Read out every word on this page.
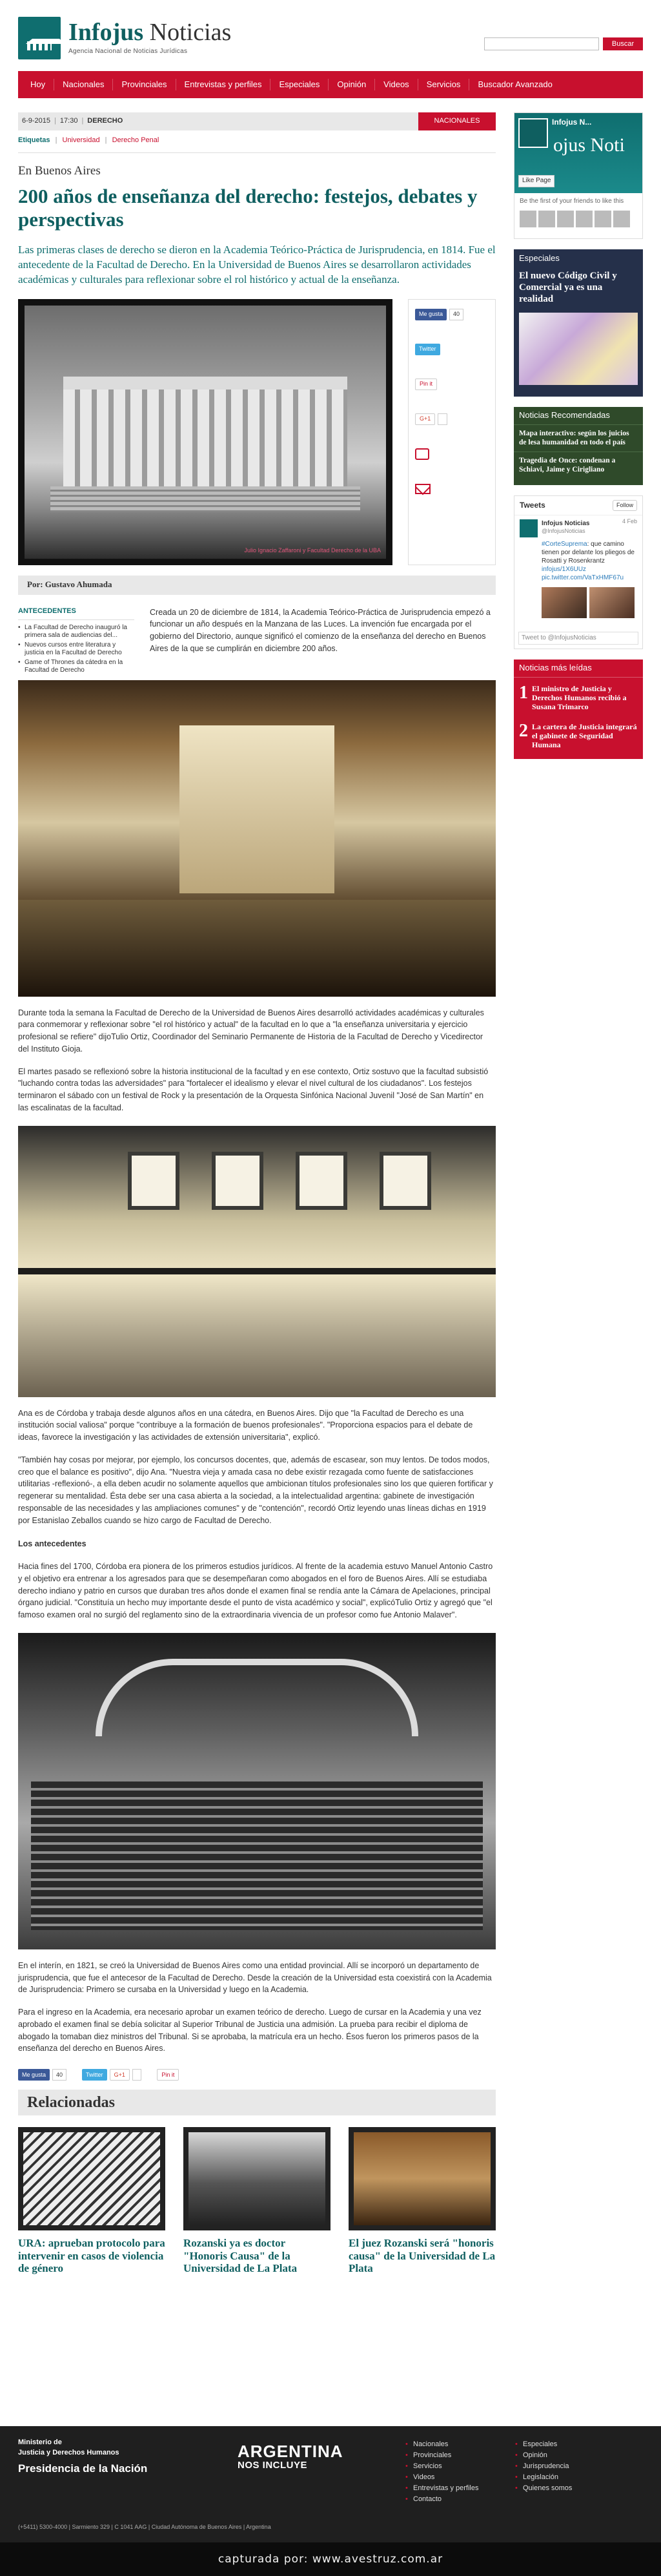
Infojus Noticias
Agencia Nacional de Noticias Jurídicas
Buscar
Hoy	Nacionales	Provinciales	Entrevistas y perfiles	Especiales	Opinión	Videos	Servicios	Buscador Avanzado
6-9-2015 | 17:30 | DERECHO	NACIONALES
Etiquetas | Universidad | Derecho Penal
En Buenos Aires
200 años de enseñanza del derecho: festejos, debates y perspectivas

Las primeras clases de derecho se dieron en la Academia Teórico-Práctica de Jurisprudencia, en 1814. Fue el antecedente de la Facultad de Derecho. En la Universidad de Buenos Aires se desarrollaron actividades académicas y culturales para reflexionar sobre el rol histórico y actual de la enseñanza.

Julio Ignacio Zaffaroni y Facultad Derecho de la UBA
Me gusta	40
Twitter
Pin it
G+1

Por: Gustavo Ahumada
ANTECEDENTES
• La Facultad de Derecho inauguró la primera sala de audiencias del...
• Nuevos cursos entre literatura y justicia en la Facultad de Derecho
• Game of Thrones da cátedra en la Facultad de Derecho

Creada un 20 de diciembre de 1814, la Academia Teórico-Práctica de Jurisprudencia empezó a funcionar un año después en la Manzana de las Luces. La invención fue encargada por el gobierno del Directorio, aunque significó el comienzo de la enseñanza del derecho en Buenos Aires de la que se cumplirán en diciembre 200 años.

Durante toda la semana la Facultad de Derecho de la Universidad de Buenos Aires desarrolló actividades académicas y culturales para conmemorar y reflexionar sobre "el rol histórico y actual" de la facultad en lo que a "la enseñanza universitaria y ejercicio profesional se refiere" dijoTulio Ortiz, Coordinador del Seminario Permanente de Historia de la Facultad de Derecho y Vicedirector del Instituto Gioja.

El martes pasado se reflexionó sobre la historia institucional de la facultad y en ese contexto, Ortiz sostuvo que la facultad subsistió "luchando contra todas las adversidades" para "fortalecer el idealismo y elevar el nivel cultural de los ciudadanos". Los festejos terminaron el sábado con un festival de Rock y la presentación de la Orquesta Sinfónica Nacional Juvenil "José de San Martín" en las escalinatas de la facultad.

Ana es de Córdoba y trabaja desde algunos años en una cátedra, en Buenos Aires. Dijo que "la Facultad de Derecho es una institución social valiosa" porque "contribuye a la formación de buenos profesionales". "Proporciona espacios para el debate de ideas, favorece la investigación y las actividades de extensión universitaria", explicó.

"También hay cosas por mejorar, por ejemplo, los concursos docentes, que, además de escasear, son muy lentos. De todos modos, creo que el balance es positivo", dijo Ana. "Nuestra vieja y amada casa no debe existir rezagada como fuente de satisfacciones utilitarias -reflexionó-, a ella deben acudir no solamente aquellos que ambicionan títulos profesionales sino los que quieren fortificar y regenerar su mentalidad. Ésta debe ser una casa abierta a la sociedad, a la intelectualidad argentina: gabinete de investigación responsable de las necesidades y las ampliaciones comunes" y de "contención", recordó Ortiz leyendo unas líneas dichas en 1919 por Estanislao Zeballos cuando se hizo cargo de Facultad de Derecho.

Los antecedentes

Hacia fines del 1700, Córdoba era pionera de los primeros estudios jurídicos. Al frente de la academia estuvo Manuel Antonio Castro y el objetivo era entrenar a los agresados para que se desempeñaran como abogados en el foro de Buenos Aires. Allí se estudiaba derecho indiano y patrio en cursos que duraban tres años donde el examen final se rendía ante la Cámara de Apelaciones, principal órgano judicial. "Constituía un hecho muy importante desde el punto de vista académico y social", explicóTulio Ortiz y agregó que "el famoso examen oral no surgió del reglamento sino de la extraordinaria vivencia de un profesor como fue Antonio Malaver".

En el interín, en 1821, se creó la Universidad de Buenos Aires como una entidad provincial. Allí se incorporó un departamento de jurisprudencia, que fue el antecesor de la Facultad de Derecho. Desde la creación de la Universidad esta coexistirá con la Academia de Jurisprudencia: Primero se cursaba en la Universidad y luego en la Academia.

Para el ingreso en la Academia, era necesario aprobar un examen teórico de derecho. Luego de cursar en la Academia y una vez aprobado el examen final se debía solicitar al Superior Tribunal de Justicia una admisión. La prueba para recibir el diploma de abogado la tomaban diez ministros del Tribunal. Si se aprobaba, la matrícula era un hecho. Ésos fueron los primeros pasos de la enseñanza del derecho en Buenos Aires.

Me gusta	40	Twitter	G+1
	Pin it
Relacionadas
URA: aprueban protocolo para intervenir en casos de violencia de género
Rozanski ya es doctor "Honoris Causa" de la Universidad de La Plata
El juez Rozanski será "honoris causa" de la Universidad de La Plata
Infojus N...
ojus Noti
Like Page
Be the first of your friends to like this
Especiales
El nuevo Código Civil y Comercial ya es una realidad
Noticias Recomendadas
Mapa interactivo: según los juicios de lesa humanidad en todo el país
Tragedia de Once: condenan a Schiavi, Jaime y Cirigliano
Tweets	Follow
Infojus Noticias
@InfojusNoticias
4 Feb
#CorteSuprema: que camino tienen por delante los pliegos de Rosatti y Rosenkrantz infojus/1X6UUz pic.twitter.com/VaTxHMF67u
Tweet to @InfojusNoticias
Noticias más leídas
1 El ministro de Justicia y Derechos Humanos recibió a Susana Trimarco
2 La cartera de Justicia integrará el gabinete de Seguridad Humana
Ministerio de
Justicia y Derechos Humanos
Presidencia de la Nación
ARGENTINA
NOS INCLUYE
(+5411) 5300-4000 | Sarmiento 329 | C 1041 AAG | Ciudad Autónoma de Buenos Aires | Argentina
• Nacionales
• Provinciales
• Servicios
• Videos
• Entrevistas y perfiles
• Contacto
• Especiales
• Opinión
• Jurisprudencia
• Legislación
• Quienes somos
capturada por: www.avestruz.com.ar
